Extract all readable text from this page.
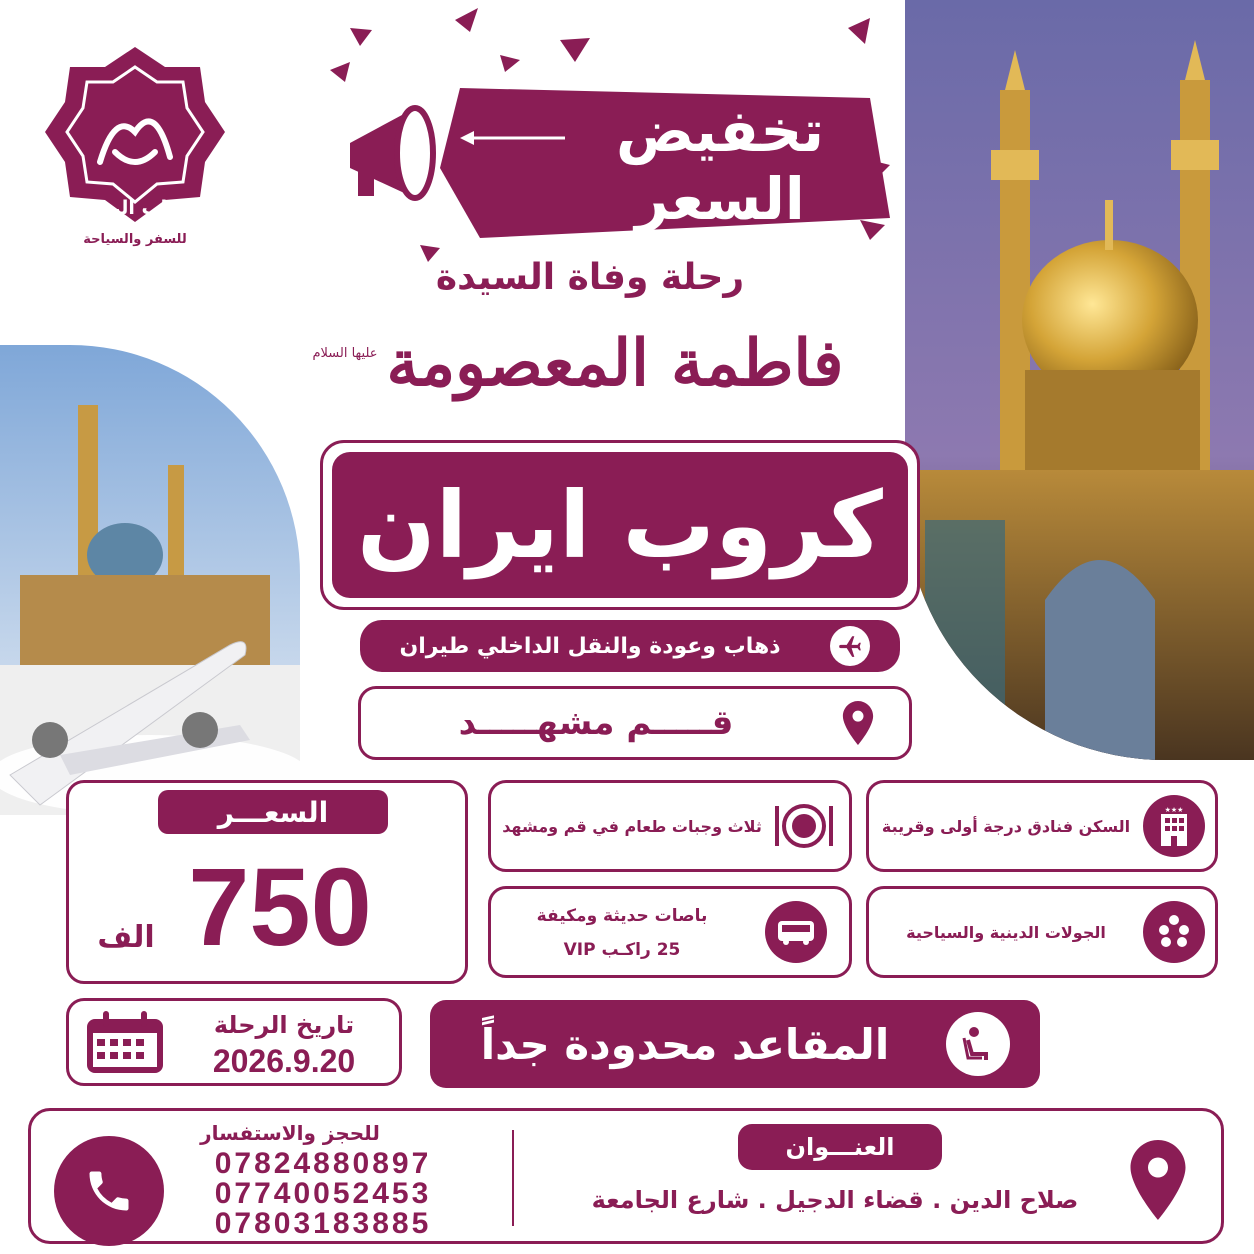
ميزاب الرحمة
للسفر والسياحة
تخفيض
السعر
رحلة وفاة السيدة
فاطمة المعصومة
عليها السلام
كروب ايران
ذهاب وعودة والنقل الداخلي طيران
قـــــم مشهـــــد
السعـــر
750
الف
ثلاث وجبات طعام في قم ومشهد	السكن فنادق درجة أولى وقريبة
★★★
باصات حديثة ومكيفة
25 راكـب VIP
الجولات الدينية والسياحية
تاريخ الرحلة
2026.9.20	المقاعد محدودة جداً
للحجز والاستفسار
07824880897
07740052453
07803183885
العنـــوان
صلاح الدين . قضاء الدجيل . شارع الجامعة
